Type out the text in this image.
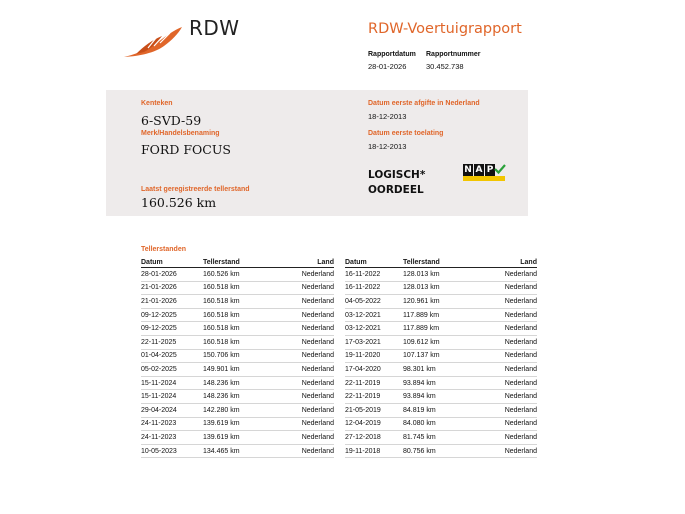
RDW	RDW-Voertuigrapport
Rapportdatum
28-01-2026
Rapportnummer
30.452.738
Kenteken
6-SVD-59
Merk/Handelsbenaming
FORD FOCUS
Laatst geregistreerde tellerstand
160.526 km
Datum eerste afgifte in Nederland
18-12-2013
Datum eerste toelating
18-12-2013
LOGISCH*
OORDEEL
N A P
Tellerstanden
Datum	Tellerstand	Land
28-01-2026	160.526 km	Nederland
21-01-2026	160.518 km	Nederland
21-01-2026	160.518 km	Nederland
09-12-2025	160.518 km	Nederland
09-12-2025	160.518 km	Nederland
22-11-2025	160.518 km	Nederland
01-04-2025	150.706 km	Nederland
05-02-2025	149.901 km	Nederland
15-11-2024	148.236 km	Nederland
15-11-2024	148.236 km	Nederland
29-04-2024	142.280 km	Nederland
24-11-2023	139.619 km	Nederland
24-11-2023	139.619 km	Nederland
10-05-2023	134.465 km	Nederland
Datum	Tellerstand	Land
16-11-2022	128.013 km	Nederland
16-11-2022	128.013 km	Nederland
04-05-2022	120.961 km	Nederland
03-12-2021	117.889 km	Nederland
03-12-2021	117.889 km	Nederland
17-03-2021	109.612 km	Nederland
19-11-2020	107.137 km	Nederland
17-04-2020	98.301 km	Nederland
22-11-2019	93.894 km	Nederland
22-11-2019	93.894 km	Nederland
21-05-2019	84.819 km	Nederland
12-04-2019	84.080 km	Nederland
27-12-2018	81.745 km	Nederland
19-11-2018	80.756 km	Nederland
